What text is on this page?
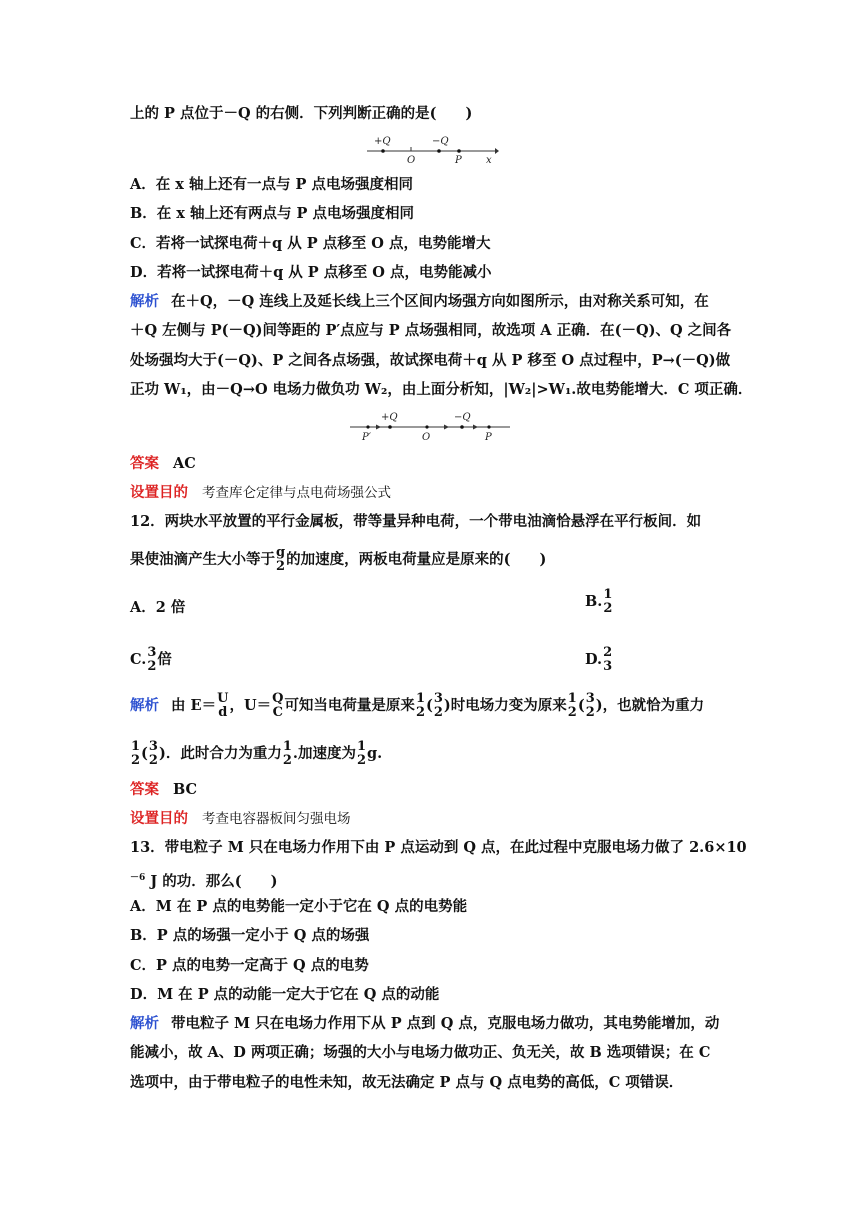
上的 P 点位于－Q 的右侧．下列判断正确的是(　　)
+Q
O
−Q
P x
A．在 x 轴上还有一点与 P 点电场强度相同
B．在 x 轴上还有两点与 P 点电场强度相同
C．若将一试探电荷＋q 从 P 点移至 O 点，电势能增大
D．若将一试探电荷＋q 从 P 点移至 O 点，电势能减小
解析 在＋Q，－Q 连线上及延长线上三个区间内场强方向如图所示，由对称关系可知，在
＋Q 左侧与 P(－Q)间等距的 P′点应与 P 点场强相同，故选项 A 正确．在(－Q)、Q 之间各
处场强均大于(－Q)、P 之间各点场强，故试探电荷＋q 从 P 移至 O 点过程中，P→(－Q)做
正功 W₁，由－Q→O 电场力做负功 W₂，由上面分析知，|W₂|>W₁.故电势能增大．C 项正确．
P′
+Q
O
−Q
P
答案 AC
设置目的 考查库仑定律与点电荷场强公式
12．两块水平放置的平行金属板，带等量异种电荷，一个带电油滴恰悬浮在平行板间．如
果使油滴产生大小等于 g
2 的加速度，两板电荷量应是原来的(　　)
A．2 倍	B. 1
2
C. 3
2 倍	D. 2
3
解析 由 E＝ U
d ，U＝ Q
C 可知当电荷量是原来 1
2 ( 3
2 )时电场力变为原来 1
2 ( 3
2 )，也就恰为重力
1
2 ( 3
2 )．此时合力为重力 1
2 .加速度为 1
2 g.
答案 BC
设置目的 考查电容器板间匀强电场
13．带电粒子 M 只在电场力作用下由 P 点运动到 Q 点，在此过程中克服电场力做了 2.6×10
$^{-6}$ J 的功．那么(　　)
A．M 在 P 点的电势能一定小于它在 Q 点的电势能
B．P 点的场强一定小于 Q 点的场强
C．P 点的电势一定高于 Q 点的电势
D．M 在 P 点的动能一定大于它在 Q 点的动能
解析 带电粒子 M 只在电场力作用下从 P 点到 Q 点，克服电场力做功，其电势能增加，动
能减小，故 A、D 两项正确；场强的大小与电场力做功正、负无关，故 B 选项错误；在 C
选项中，由于带电粒子的电性未知，故无法确定 P 点与 Q 点电势的高低，C 项错误．
